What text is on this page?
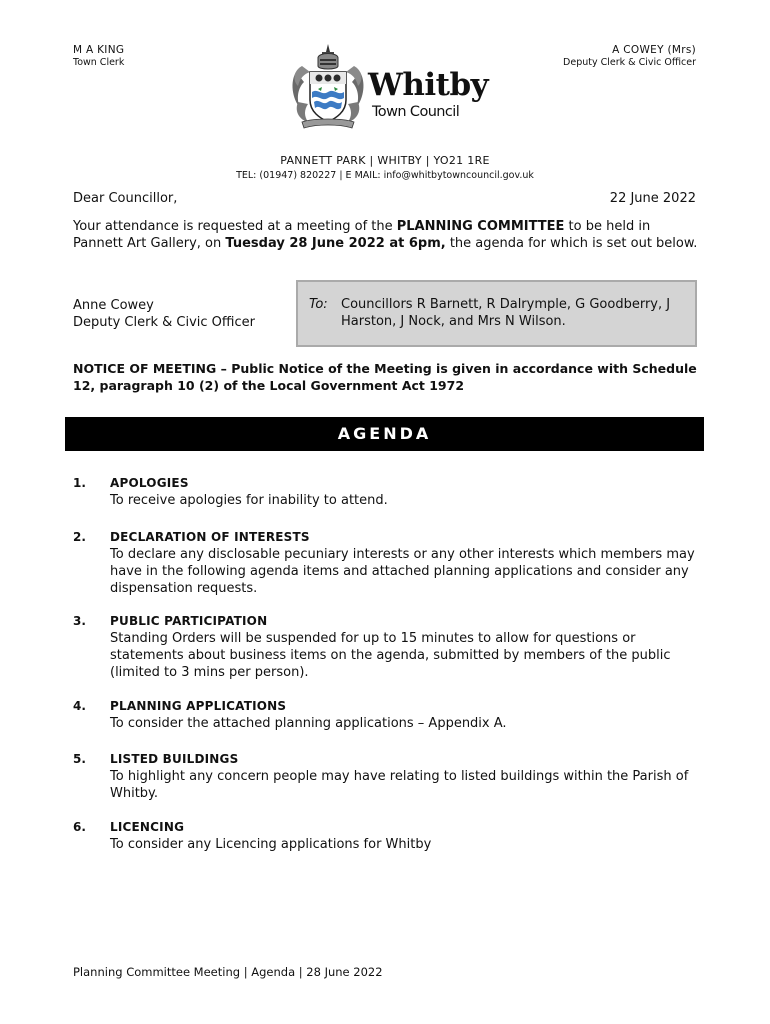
M A KING
Town Clerk
A COWEY (Mrs)
Deputy Clerk & Civic Officer
Whitby
Town Council
PANNETT PARK | WHITBY | YO21 1RE
TEL: (01947) 820227 | E MAIL: info@whitbytowncouncil.gov.uk
Dear Councillor,	22 June 2022
Your attendance is requested at a meeting of the PLANNING COMMITTEE to be held in Pannett Art Gallery, on Tuesday 28 June 2022 at 6pm, the agenda for which is set out below.
Anne Cowey
Deputy Clerk & Civic Officer
To:	Councillors R Barnett, R Dalrymple, G Goodberry, J Harston, J Nock, and Mrs N Wilson.
NOTICE OF MEETING – Public Notice of the Meeting is given in accordance with Schedule 12, paragraph 10 (2) of the Local Government Act 1972
AGENDA
1.	APOLOGIES
To receive apologies for inability to attend.
2.	DECLARATION OF INTERESTS
To declare any disclosable pecuniary interests or any other interests which members may have in the following agenda items and attached planning applications and consider any dispensation requests.
3.	PUBLIC PARTICIPATION
Standing Orders will be suspended for up to 15 minutes to allow for questions or statements about business items on the agenda, submitted by members of the public (limited to 3 mins per person).
4.	PLANNING APPLICATIONS
To consider the attached planning applications – Appendix A.
5.	LISTED BUILDINGS
To highlight any concern people may have relating to listed buildings within the Parish of Whitby.
6.	LICENCING
To consider any Licencing applications for Whitby
Planning Committee Meeting | Agenda | 28 June 2022
